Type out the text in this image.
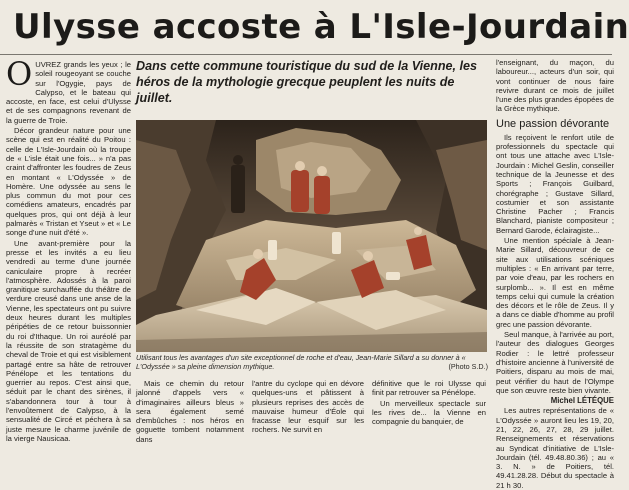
Ulysse accoste à L'Isle-Jourdain

OUVREZ grands les yeux ; le soleil rougeoyant se couche sur l'Ogygie, pays de Calypso, et le bateau qui accoste, en face, est celui d'Ulysse et de ses compagnons revenant de la guerre de Troie.

Décor grandeur nature pour une scène qui est en réalité du Poitou : celle de L'Isle-Jourdain où la troupe de « L'isle était une fois... » n'a pas craint d'affronter les foudres de Zeus en montant « L'Odyssée » de Homère. Une odyssée au sens le plus commun du mot pour ces comédiens amateurs, encadrés par quelques pros, qui ont déjà à leur palmarès « Tristan et Yseut » et « Le songe d'une nuit d'été ».

Une avant-première pour la presse et les invités a eu lieu vendredi au terme d'une journée caniculaire propre à recréer l'atmosphère. Adossés à la paroi granitique surchauffée du théâtre de verdure creusé dans une anse de la Vienne, les spectateurs ont pu suivre deux heures durant les multiples péripéties de ce retour buissonnier du roi d'Ithaque. Un roi auréolé par la réussite de son stratagème du cheval de Troie et qui est visiblement partagé entre sa hâte de retrouver Pénélope et les tentations du guerrier au repos. C'est ainsi que, séduit par le chant des sirènes, il s'abandonnera tour à tour à l'envoûtement de Calypso, à la sensualité de Circé et péchera à sa juste mesure le charme juvénile de la vierge Nausicaa.

Dans cette commune touristique du sud de la Vienne, les héros de la mythologie grecque peuplent les nuits de juillet.
Utilisant tous les avantages d'un site exceptionnel de roche et d'eau, Jean-Marie Sillard a su donner à « L'Odyssée » sa pleine dimension mythique.	(Photo S.D.)

Mais ce chemin du retour jalonné d'appels vers « d'imaginaires ailleurs bleus » sera également semé d'embûches : nos héros en goguette tombent notamment dans

l'antre du cyclope qui en dévore quelques-uns et pâtissent à plusieurs reprises des accès de mauvaise humeur d'Éole qui fracasse leur esquif sur les rochers. Ne survit en

définitive que le roi Ulysse qui finit par retrouver sa Pénélope.

Un merveilleux spectacle sur les rives de... la Vienne en compagnie du banquier, de

l'enseignant, du maçon, du laboureur..., acteurs d'un soir, qui vont continuer de nous faire revivre durant ce mois de juillet l'une des plus grandes épopées de la Grèce mythique.

Une passion dévorante

Ils reçoivent le renfort utile de professionnels du spectacle qui ont tous une attache avec L'Isle-Jourdain : Michel Geslin, conseiller technique de la Jeunesse et des Sports ; François Guilbard, chorégraphe ; Gustave Sillard, costumier et son assistante Christine Pacher ; Francis Blanchard, pianiste compositeur ; Bernard Garode, éclairagiste...

Une mention spéciale à Jean-Marie Sillard, découvreur de ce site aux utilisations scéniques multiples : « En arrivant par terre, par voie d'eau, par les rochers en surplomb... ». Il est en même temps celui qui cumule la création des décors et le rôle de Zeus. Il y a dans ce diable d'homme au profil grec une passion dévorante.

Seul manque, à l'arrivée au port, l'auteur des dialogues Georges Rodier : le lettré professeur d'histoire ancienne à l'université de Poitiers, disparu au mois de mai, peut vérifier du haut de l'Olympe que son œuvre reste bien vivante.

Michel LÉTÉQUE

Les autres représentations de « L'Odyssée » auront lieu les 19, 20, 21, 22, 26, 27, 28, 29 juillet. Renseignements et réservations au Syndicat d'initiative de L'Isle-Jourdain (tél. 49.48.80.36) ; au « 3. N. » de Poitiers, tél. 49.41.28.28. Début du spectacle à 21 h 30.
